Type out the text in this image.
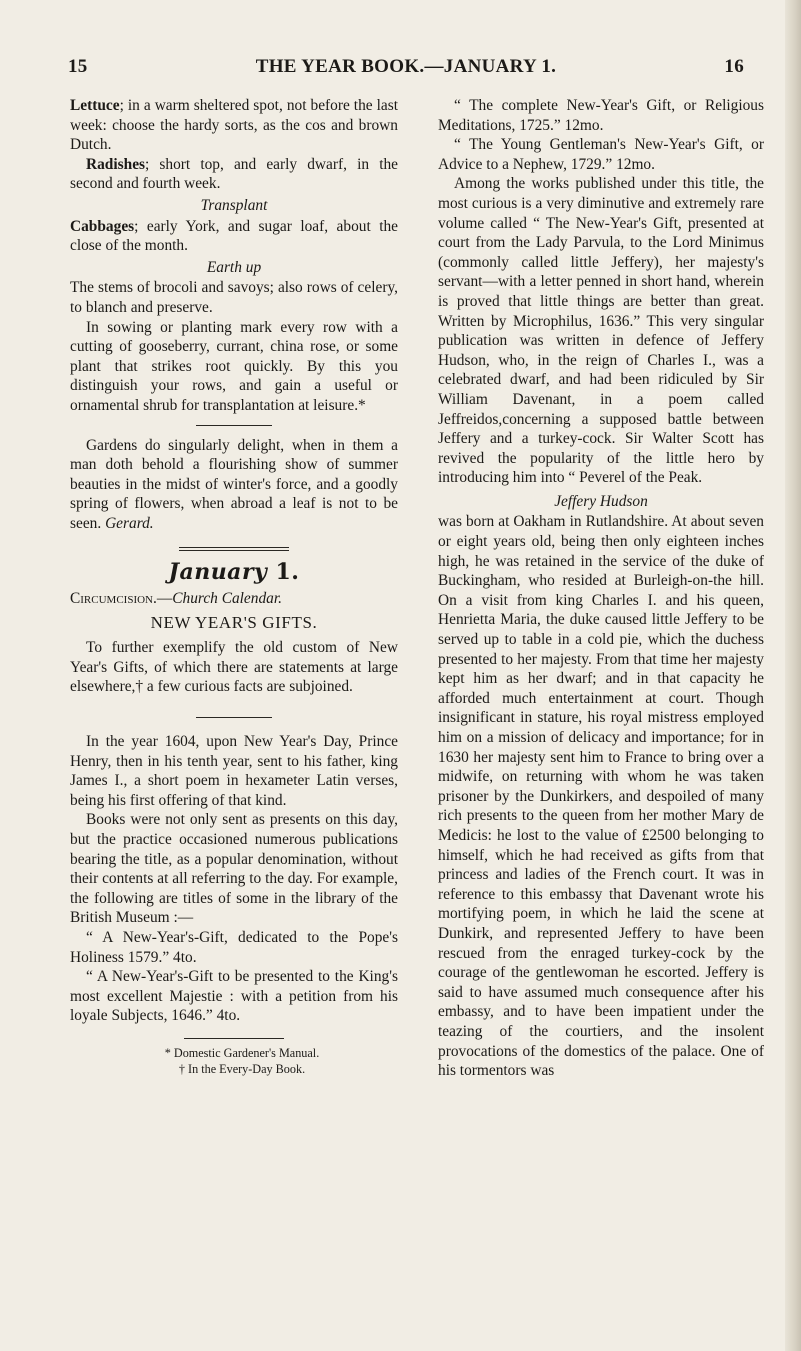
15	THE YEAR BOOK.—JANUARY 1.	16

Lettuce; in a warm sheltered spot, not before the last week: choose the hardy sorts, as the cos and brown Dutch.

Radishes; short top, and early dwarf, in the second and fourth week.

Transplant

Cabbages; early York, and sugar loaf, about the close of the month.

Earth up

The stems of brocoli and savoys; also rows of celery, to blanch and preserve.

In sowing or planting mark every row with a cutting of gooseberry, currant, china rose, or some plant that strikes root quickly. By this you distinguish your rows, and gain a useful or ornamental shrub for transplantation at leisure.*

Gardens do singularly delight, when in them a man doth behold a flourishing show of summer beauties in the midst of winter's force, and a goodly spring of flowers, when abroad a leaf is not to be seen. Gerard.

January 1.

Circumcision.—Church Calendar.

NEW YEAR'S GIFTS.

To further exemplify the old custom of New Year's Gifts, of which there are statements at large elsewhere,† a few curious facts are subjoined.

In the year 1604, upon New Year's Day, Prince Henry, then in his tenth year, sent to his father, king James I., a short poem in hexameter Latin verses, being his first offering of that kind.

Books were not only sent as presents on this day, but the practice occasioned numerous publications bearing the title, as a popular denomination, without their contents at all referring to the day. For example, the following are titles of some in the library of the British Museum :—

“ A New-Year's-Gift, dedicated to the Pope's Holiness 1579.” 4to.

“ A New-Year's-Gift to be presented to the King's most excellent Majestie : with a petition from his loyale Subjects, 1646.” 4to.

* Domestic Gardener's Manual.

† In the Every-Day Book.

“ The complete New-Year's Gift, or Religious Meditations, 1725.” 12mo.

“ The Young Gentleman's New-Year's Gift, or Advice to a Nephew, 1729.” 12mo.

Among the works published under this title, the most curious is a very diminutive and extremely rare volume called “ The New-Year's Gift, presented at court from the Lady Parvula, to the Lord Minimus (commonly called little Jeffery), her majesty's servant—with a letter penned in short hand, wherein is proved that little things are better than great. Written by Microphilus, 1636.” This very singular publication was written in defence of Jeffery Hudson, who, in the reign of Charles I., was a celebrated dwarf, and had been ridiculed by Sir William Davenant, in a poem called Jeffreidos,concerning a supposed battle between Jeffery and a turkey-cock. Sir Walter Scott has revived the popularity of the little hero by introducing him into “ Peverel of the Peak.

Jeffery Hudson

was born at Oakham in Rutlandshire. At about seven or eight years old, being then only eighteen inches high, he was retained in the service of the duke of Buckingham, who resided at Burleigh-on-the hill. On a visit from king Charles I. and his queen, Henrietta Maria, the duke caused little Jeffery to be served up to table in a cold pie, which the duchess presented to her majesty. From that time her majesty kept him as her dwarf; and in that capacity he afforded much entertainment at court. Though insignificant in stature, his royal mistress employed him on a mission of delicacy and importance; for in 1630 her majesty sent him to France to bring over a midwife, on returning with whom he was taken prisoner by the Dunkirkers, and despoiled of many rich presents to the queen from her mother Mary de Medicis: he lost to the value of £2500 belonging to himself, which he had received as gifts from that princess and ladies of the French court. It was in reference to this embassy that Davenant wrote his mortifying poem, in which he laid the scene at Dunkirk, and represented Jeffery to have been rescued from the enraged turkey-cock by the courage of the gentlewoman he escorted. Jeffery is said to have assumed much consequence after his embassy, and to have been impatient under the teazing of the courtiers, and the insolent provocations of the domestics of the palace. One of his tormentors was
